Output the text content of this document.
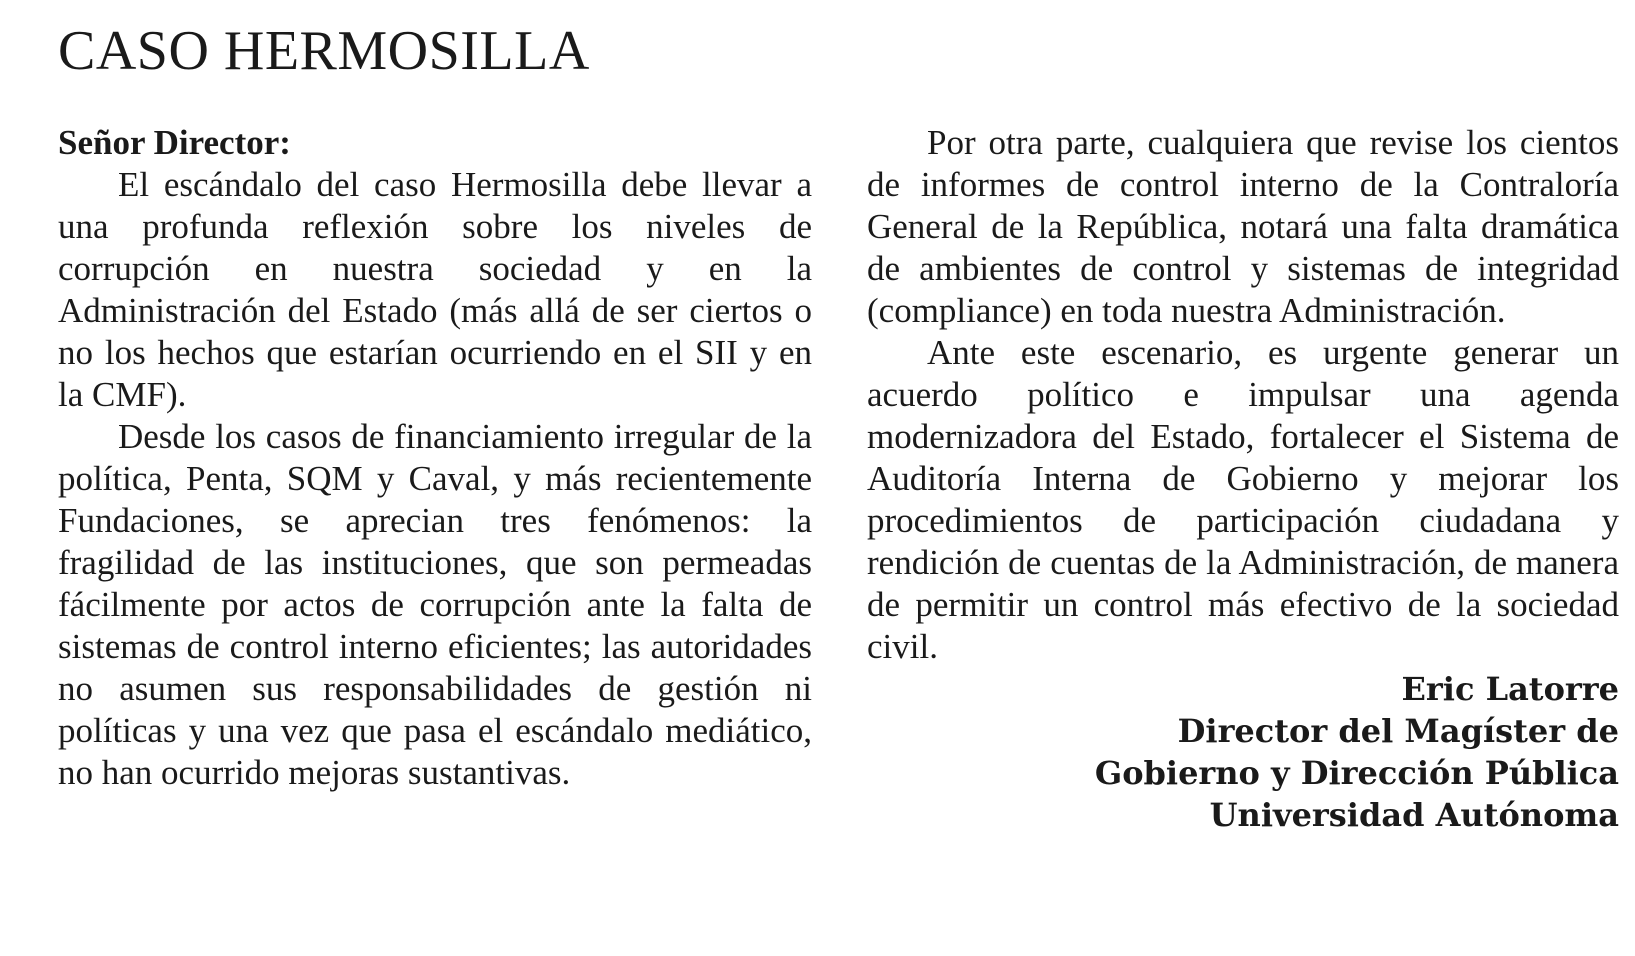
CASO HERMOSILLA

Señor Director:

El escándalo del caso Hermosilla debe llevar a una profunda reflexión sobre los niveles de corrupción en nuestra sociedad y en la Administración del Estado (más allá de ser ciertos o no los hechos que estarían ocurriendo en el SII y en la CMF).

Desde los casos de financiamiento irregular de la política, Penta, SQM y Caval, y más recientemente Fundaciones, se aprecian tres fenómenos: la fragilidad de las instituciones, que son permeadas fácilmente por actos de corrupción ante la falta de sistemas de control interno eficientes; las autoridades no asumen sus responsabilidades de gestión ni políticas y una vez que pasa el escándalo mediático, no han ocurrido mejoras sustantivas.

Por otra parte, cualquiera que revise los cientos de informes de control interno de la Contraloría General de la República, notará una falta dramática de ambientes de control y sistemas de integridad (compliance) en toda nuestra Administración.

Ante este escenario, es urgente generar un acuerdo político e impulsar una agenda modernizadora del Estado, fortalecer el Sistema de Auditoría Interna de Gobierno y mejorar los procedimientos de participación ciudadana y rendición de cuentas de la Administración, de manera de permitir un control más efectivo de la sociedad civil.

Eric Latorre
Director del Magíster de
Gobierno y Dirección Pública
Universidad Autónoma
